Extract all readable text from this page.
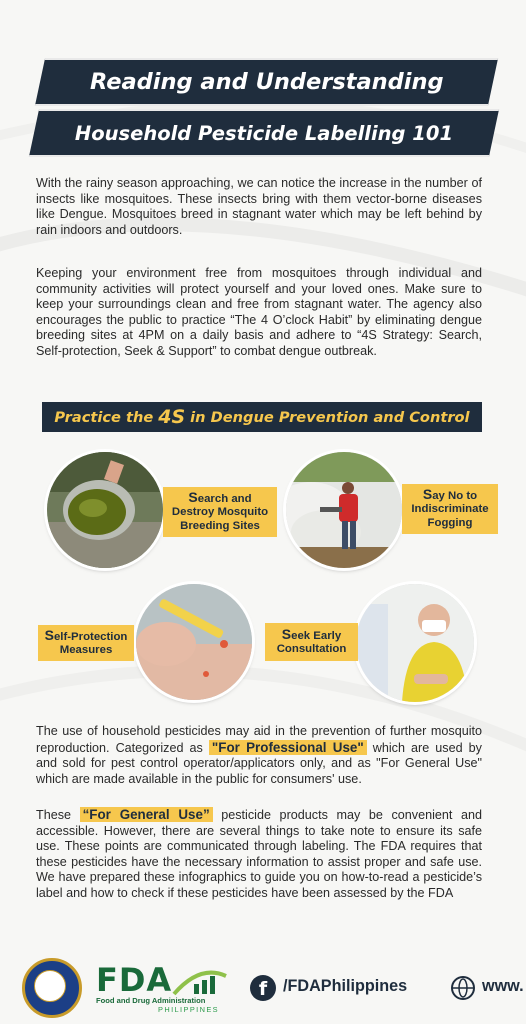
Reading and Understanding
Household Pesticide Labelling 101

With the rainy season approaching, we can notice the increase in the number of insects like mosquitoes. These insects bring with them vector-borne diseases like Dengue. Mosquitoes breed in stagnant water which may be left behind by rain indoors and outdoors.

Keeping your environment free from mosquitoes through individual and community activities will protect yourself and your loved ones. Make sure to keep your surroundings clean and free from stagnant water. The agency also encourages the public to practice “The 4 O’clock Habit” by eliminating dengue breeding sites at 4PM on a daily basis and adhere to “4S Strategy: Search, Self-protection, Seek & Support” to combat dengue outbreak.

Practice the 4S in Dengue Prevention and Control
Search and
Destroy Mosquito
Breeding Sites
Say No to
Indiscriminate
Fogging
Self-Protection
Measures
Seek Early
Consultation

The use of household pesticides may aid in the prevention of further mosquito reproduction. Categorized as "For Professional Use" which are used by and sold for pest control operator/applicators only, and as "For General Use" which are made available in the public for consumers' use.

These “For General Use” pesticide products may be convenient and accessible. However, there are several things to take note to ensure its safe use. These points are communicated through labeling. The FDA requires that these pesticides have the necessary information to assist proper and safe use. We have prepared these infographics to guide you on how-to-read a pesticide’s label and how to check if these pesticides have been assessed by the FDA

FDA
Food and Drug Administration
PHILIPPINES
f /FDAPhilippines	www.
